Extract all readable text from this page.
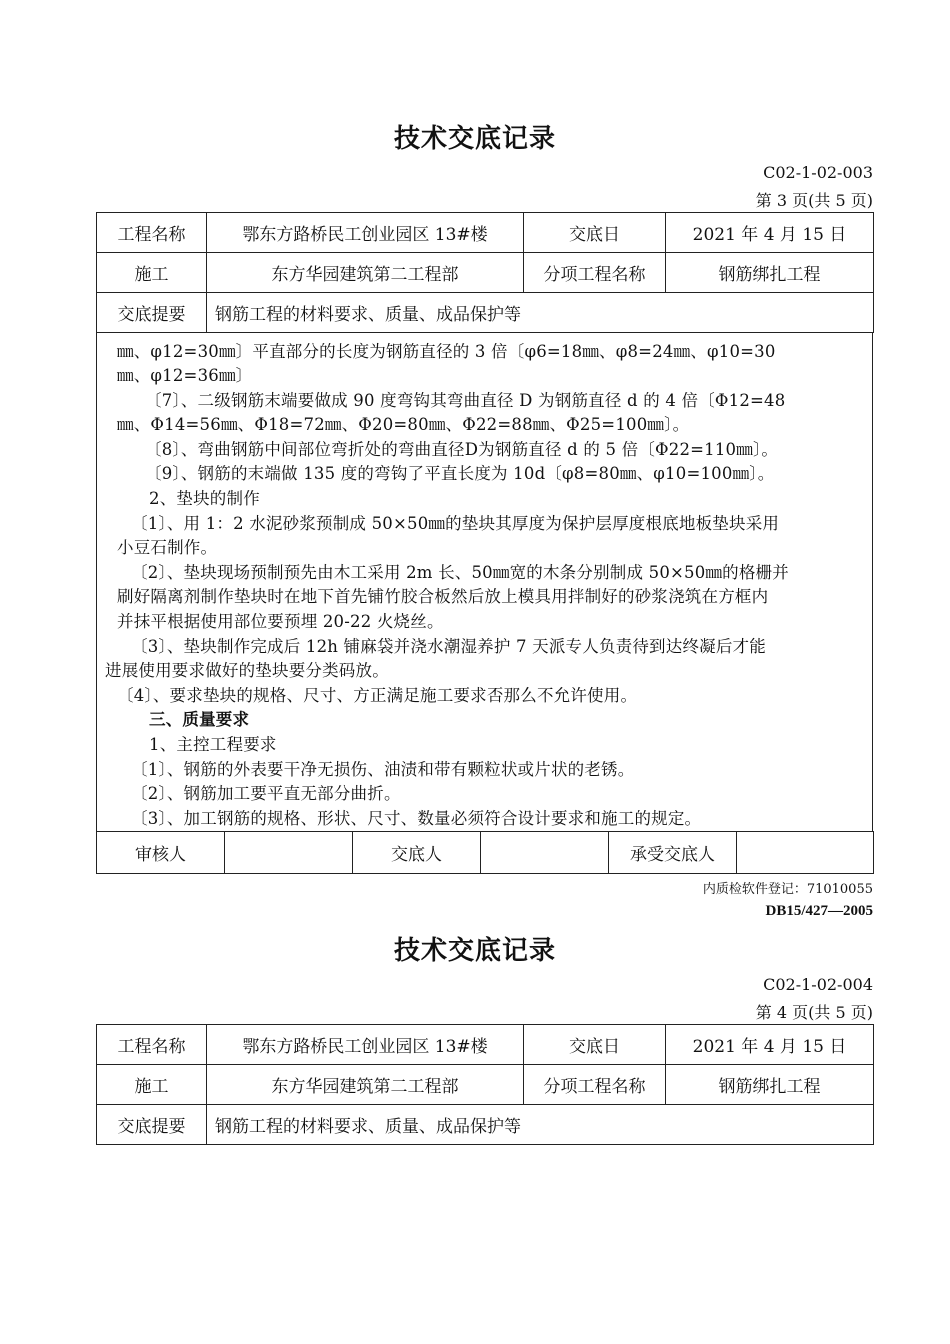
技术交底记录
C02-1-02-003
第 3 页(共 5 页)
工程名称	鄂东方路桥民工创业园区 13#楼	交底日	2021 年 4 月 15 日
施工	东方华园建筑第二工程部	分项工程名称	钢筋绑扎工程
交底提要	钢筋工程的材料要求、质量、成品保护等		
㎜、φ12=30㎜〕平直部分的长度为钢筋直径的 3 倍〔φ6=18㎜、φ8=24㎜、φ10=30
㎜、φ12=36㎜〕
〔7〕、二级钢筋末端要做成 90 度弯钩其弯曲直径 D 为钢筋直径 d 的 4 倍〔Φ12=48
㎜、Φ14=56㎜、Φ18=72㎜、Φ20=80㎜、Φ22=88㎜、Φ25=100㎜〕。
〔8〕、弯曲钢筋中间部位弯折处的弯曲直径D为钢筋直径 d 的 5 倍〔Φ22=110㎜〕。
〔9〕、钢筋的末端做 135 度的弯钩了平直长度为 10d〔φ8=80㎜、φ10=100㎜〕。
2、垫块的制作
〔1〕、用 1：2 水泥砂浆预制成 50×50㎜的垫块其厚度为保护层厚度根底地板垫块采用
小豆石制作。
〔2〕、垫块现场预制预先由木工采用 2m 长、50㎜宽的木条分别制成 50×50㎜的格栅并
刷好隔离剂制作垫块时在地下首先铺竹胶合板然后放上模具用拌制好的砂浆浇筑在方框内
并抹平根据使用部位要预埋 20-22 火烧丝。
〔3〕、垫块制作完成后 12h 铺麻袋并浇水潮湿养护 7 天派专人负责待到达终凝后才能
进展使用要求做好的垫块要分类码放。
〔4〕、要求垫块的规格、尺寸、方正满足施工要求否那么不允许使用。
三、质量要求
1、主控工程要求
〔1〕、钢筋的外表要干净无损伤、油渍和带有颗粒状或片状的老锈。
〔2〕、钢筋加工要平直无部分曲折。
〔3〕、加工钢筋的规格、形状、尺寸、数量必须符合设计要求和施工的规定。
审核人		交底人		承受交底人	
内质检软件登记：71010055
DB15/427—2005
技术交底记录
C02-1-02-004
第 4 页(共 5 页)
工程名称	鄂东方路桥民工创业园区 13#楼	交底日	2021 年 4 月 15 日
施工	东方华园建筑第二工程部	分项工程名称	钢筋绑扎工程
交底提要	钢筋工程的材料要求、质量、成品保护等		
